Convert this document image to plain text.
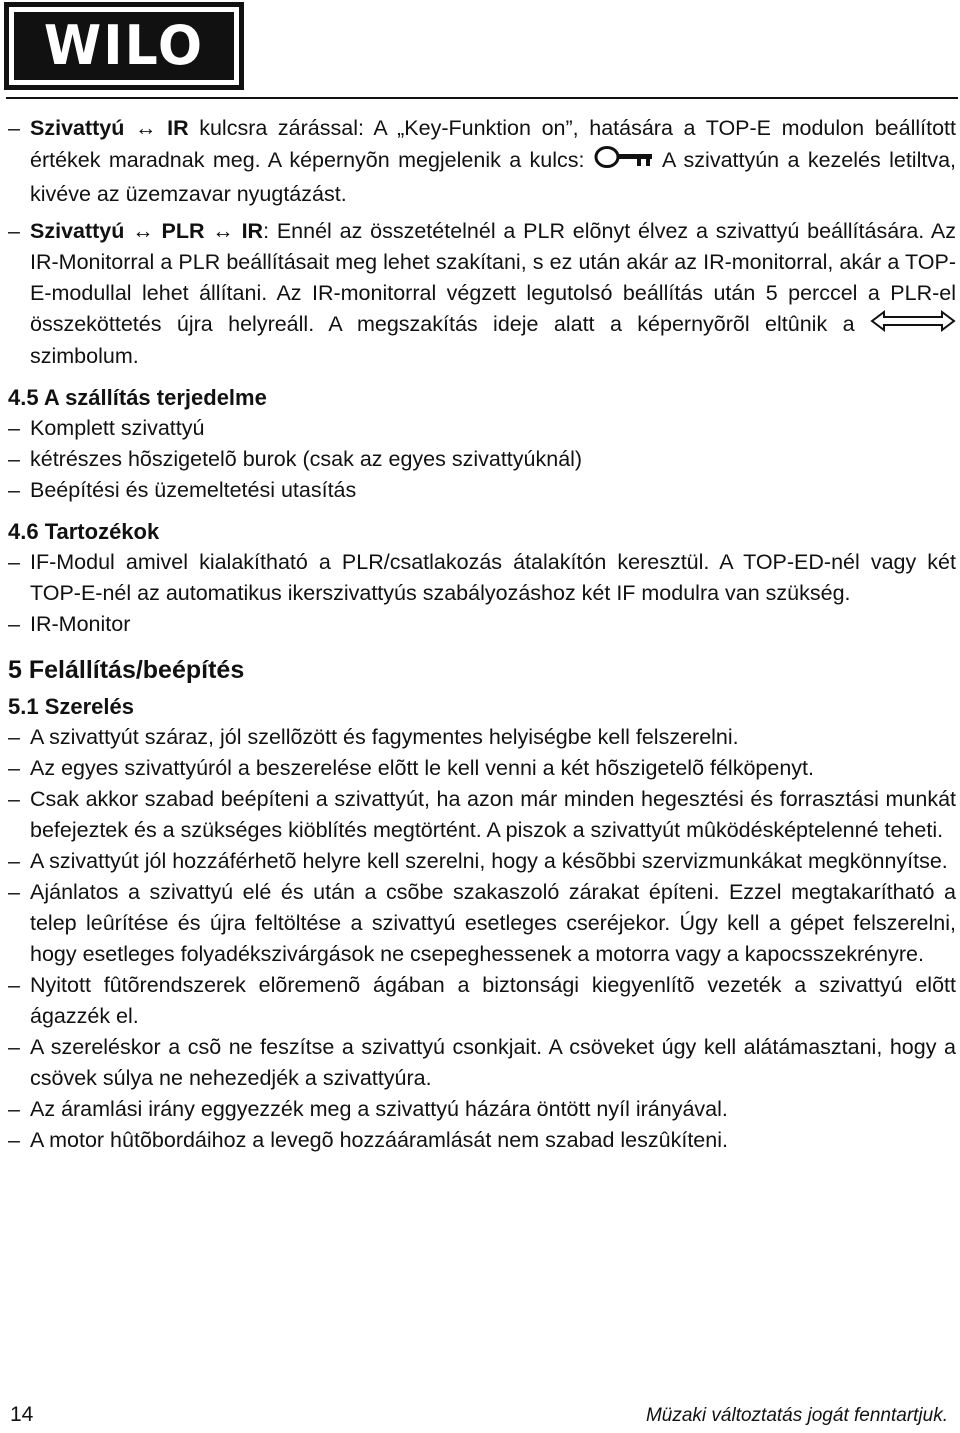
WILO
– Szivattyú ↔ IR kulcsra zárással: A „Key-Funktion on”, hatására a TOP-E modulon beállított értékek maradnak meg. A képernyõn megjelenik a kulcs:	A szivattyún a kezelés letiltva, kivéve az üzemzavar nyugtázást.
– Szivattyú ↔ PLR ↔ IR: Ennél az összetételnél a PLR elõnyt élvez a szivattyú beállítására. Az IR-Monitorral a PLR beállításait meg lehet szakítani, s ez után akár az IR-monitorral, akár a TOP-E-modullal lehet állítani. Az IR-monitorral végzett legutolsó beállítás után 5 perccel a PLR-el összeköttetés újra helyreáll. A megszakítás ideje alatt a képernyõrõl eltûnik a  szimbolum.
4.5 A szállítás terjedelme
– Komplett szivattyú
– kétrészes hõszigetelõ burok (csak az egyes szivattyúknál)
– Beépítési és üzemeltetési utasítás
4.6 Tartozékok
– IF-Modul amivel kialakítható a PLR/csatlakozás átalakítón keresztül. A TOP-ED-nél vagy két TOP-E-nél az automatikus ikerszivattyús szabályozáshoz két IF modulra van szükség.
– IR-Monitor
5 Felállítás/beépítés
5.1 Szerelés
– A szivattyút száraz, jól szellõzött és fagymentes helyiségbe kell felszerelni.
– Az egyes szivattyúról a beszerelése elõtt le kell venni a két hõszigetelõ félköpenyt.
– Csak akkor szabad beépíteni a szivattyút, ha azon már minden hegesztési és forrasztási munkát befejeztek és a szükséges kiöblítés megtörtént. A piszok a szivattyút mûködésképtelenné teheti.
– A szivattyút jól hozzáférhetõ helyre kell szerelni, hogy a késõbbi szervizmunkákat megkönnyítse.
– Ajánlatos a szivattyú elé és után a csõbe szakaszoló zárakat építeni. Ezzel megtakarítható a telep leûrítése és újra feltöltése a szivattyú esetleges cseréjekor. Úgy kell a gépet felszerelni, hogy esetleges folyadékszivárgások ne csepeghessenek a motorra vagy a kapocsszekrényre.
– Nyitott fûtõrendszerek elõremenõ ágában a biztonsági kiegyenlítõ vezeték a szivattyú elõtt ágazzék el.
– A szereléskor a csõ ne feszítse a szivattyú csonkjait. A csöveket úgy kell alátámasztani, hogy a csövek súlya ne nehezedjék a szivattyúra.
– Az áramlási irány eggyezzék meg a szivattyú házára öntött nyíl irányával.
– A motor hûtõbordáihoz a levegõ hozzááramlását nem szabad leszûkíteni.
14	Müzaki változtatás jogát fenntartjuk.
